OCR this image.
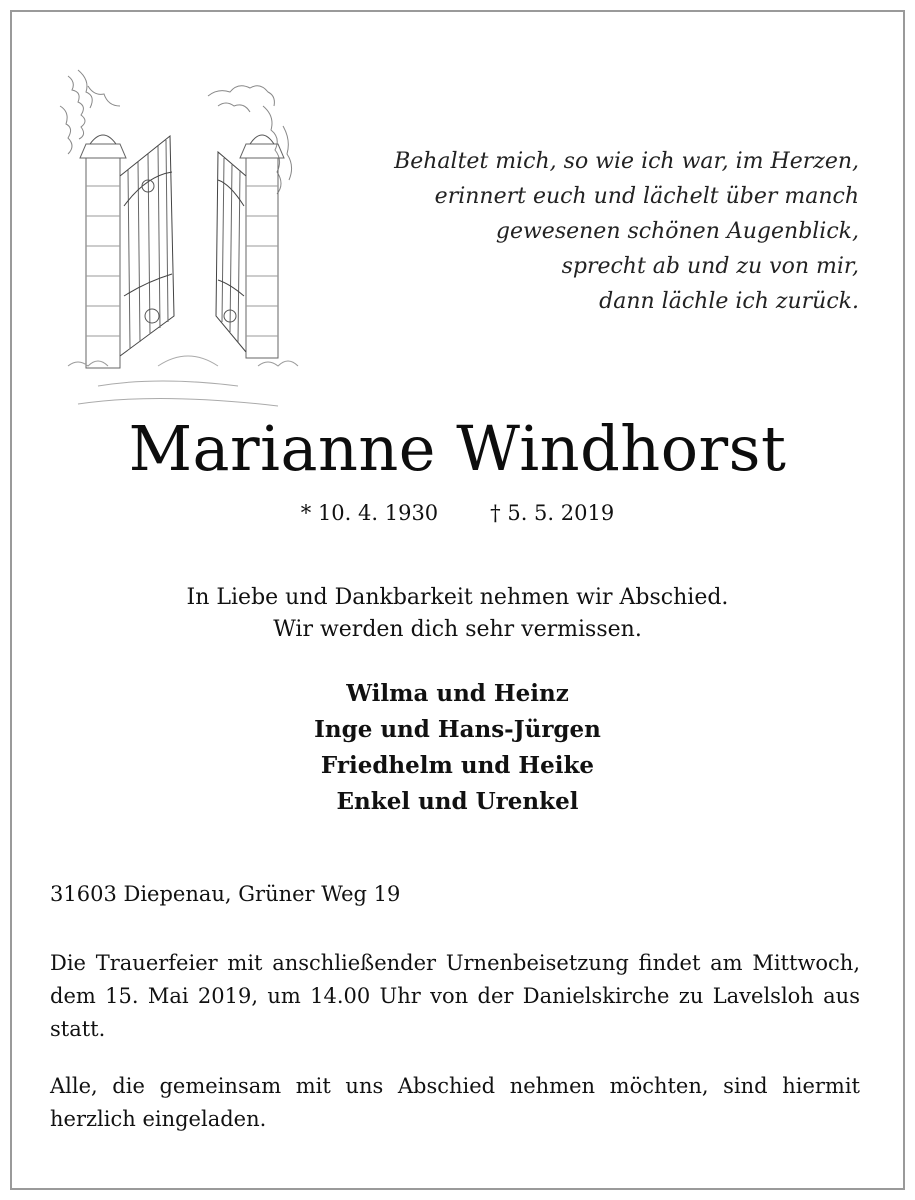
Behaltet mich, so wie ich war, im Herzen,
erinnert euch und lächelt über manch
gewesenen schönen Augenblick,
sprecht ab und zu von mir,
dann lächle ich zurück.
Marianne Windhorst
* 10. 4. 1930 † 5. 5. 2019
In Liebe und Dankbarkeit nehmen wir Abschied.
Wir werden dich sehr vermissen.
Wilma und Heinz
Inge und Hans-Jürgen
Friedhelm und Heike
Enkel und Urenkel
31603 Diepenau, Grüner Weg 19
Die Trauerfeier mit anschließender Urnenbeisetzung findet am Mittwoch, dem 15. Mai 2019, um 14.00 Uhr von der Danielskirche zu Lavelsloh aus statt.
Alle, die gemeinsam mit uns Abschied nehmen möchten, sind hiermit herzlich eingeladen.
